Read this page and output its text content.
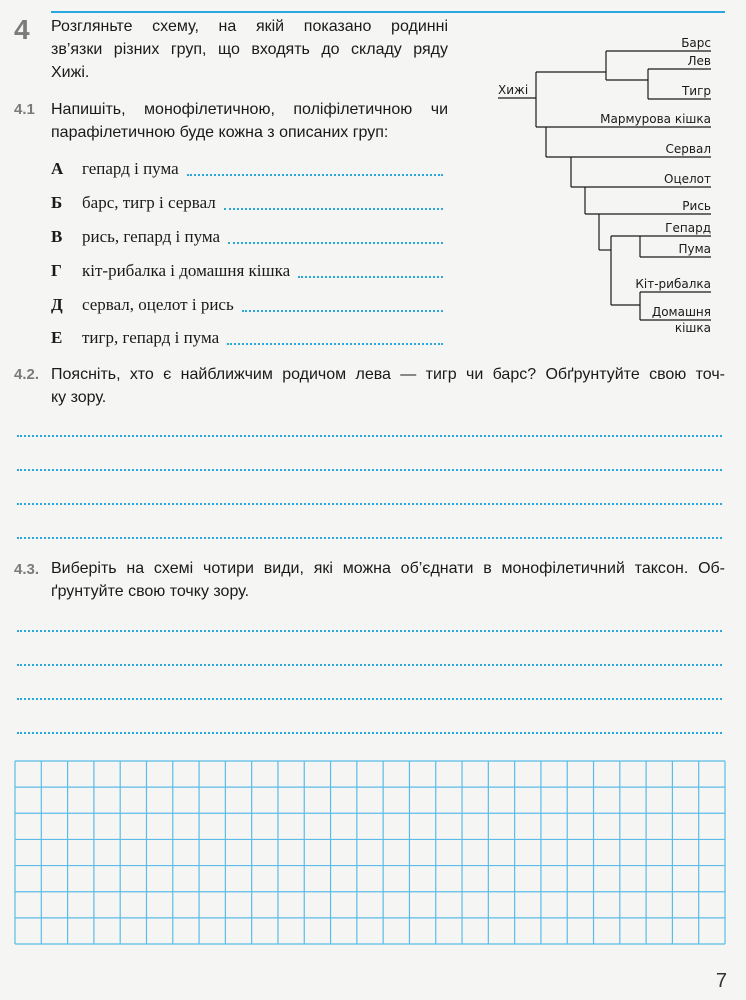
4 Розгляньте схему, на якій показано родинні
зв’язки різних груп, що входять до складу ряду
Хижі.
4.1 Напишіть, монофілетичною, поліфілетичною чи
парафілетичною буде кожна з описаних груп:
А	гепард і пума
Б	барс, тигр і сервал
В	рись, гепард і пума
Г	кіт-рибалка і домашня кішка
Д	сервал, оцелот і рись
Е	тигр, гепард і пума
Хижі
Барс
Лев
Тигр
Мармурова кішка
Сервал
Оцелот
Рись
Гепард
Пума
Кіт-рибалка
Домашня
кішка
4.2. Поясніть, хто є найближчим родичом лева — тигр чи барс? Обґрунтуйте свою точ-
ку зору.
4.3. Виберіть на схемі чотири види, які можна об’єднати в монофілетичний таксон. Об-
ґрунтуйте свою точку зору.
7
